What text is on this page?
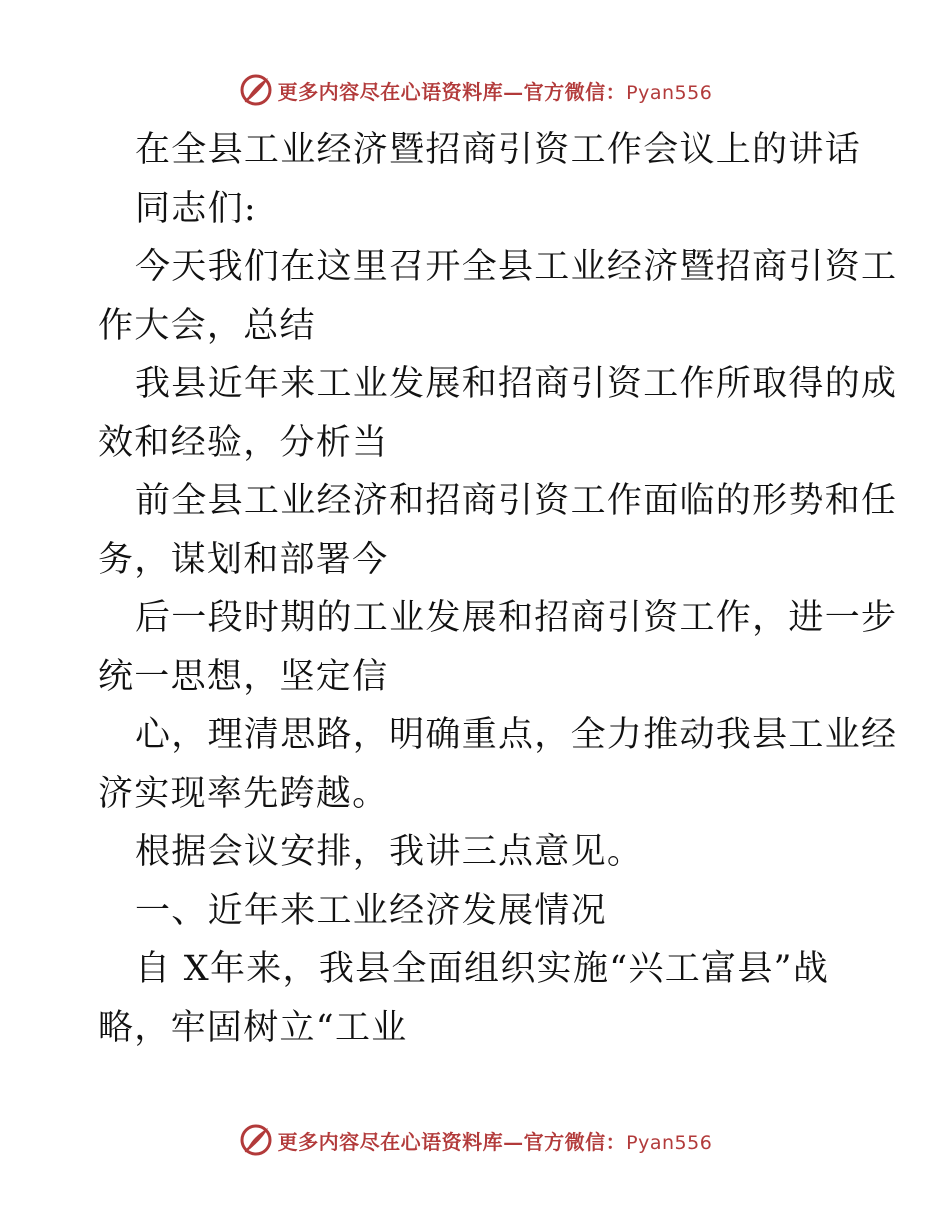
更多内容尽在心语资料库—官方微信：Pyan556
在全县工业经济暨招商引资工作会议上的讲话
同志们:
今天我们在这里召开全县工业经济暨招商引资工
作大会，总结
我县近年来工业发展和招商引资工作所取得的成
效和经验，分析当
前全县工业经济和招商引资工作面临的形势和任
务，谋划和部署今
后一段时期的工业发展和招商引资工作，进一步
统一思想，坚定信
心，理清思路，明确重点，全力推动我县工业经
济实现率先跨越。
根据会议安排，我讲三点意见。
一、近年来工业经济发展情况
自 X年来，我县全面组织实施“兴工富县”战
略，牢固树立“工业
更多内容尽在心语资料库—官方微信：Pyan556
